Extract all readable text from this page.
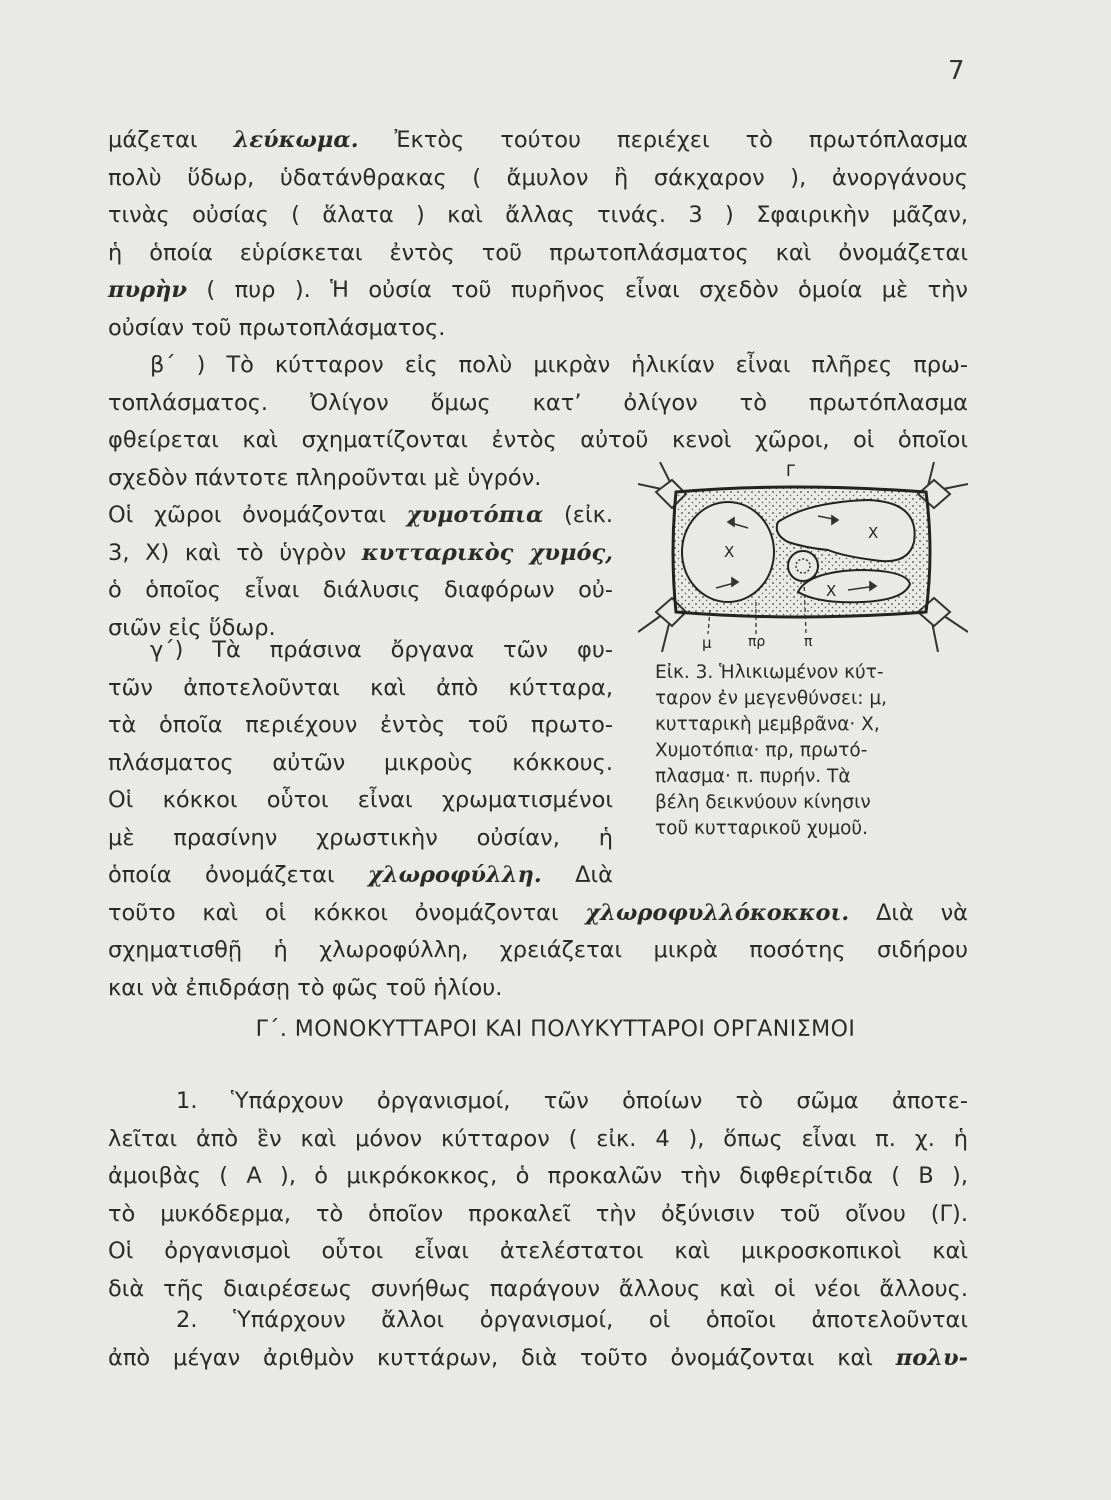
7
μάζεται λεύκωμα. Ἐκτὸς τούτου περιέχει τὸ πρωτόπλασμα
πολὺ ὕδωρ, ὑδατάνθρακας ( ἄμυλον ἢ σάκχαρον ), ἀνοργάνους
τινὰς οὐσίας ( ἅλατα ) καὶ ἄλλας τινάς. 3 ) Σφαιρικὴν μᾶζαν,
ἡ ὁποία εὑρίσκεται ἐντὸς τοῦ πρωτοπλάσματος καὶ ὀνομάζεται
πυρὴν ( πυρ ). Ἡ οὐσία τοῦ πυρῆνος εἶναι σχεδὸν ὁμοία μὲ τὴν
οὐσίαν τοῦ πρωτοπλάσματος.
β΄ ) Τὸ κύτταρον εἰς πολὺ μικρὰν ἡλικίαν εἶναι πλῆρες πρω-
τοπλάσματος. Ὀλίγον ὅμως κατ’ ὀλίγον τὸ πρωτόπλασμα
φθείρεται καὶ σχηματίζονται ἐντὸς αὐτοῦ κενοὶ χῶροι, οἱ ὁποῖοι
σχεδὸν πάντοτε πληροῦνται μὲ ὑγρόν.
Οἱ χῶροι ὀνομάζονται χυμοτόπια (εἰκ.
3, Χ) καὶ τὸ ὑγρὸν κυτταρικὸς χυμός,
ὁ ὁποῖος εἶναι διάλυσις διαφόρων οὐ-
σιῶν εἰς ὕδωρ.
γ΄) Τὰ πράσινα ὄργανα τῶν φυ-
τῶν ἀποτελοῦνται καὶ ἀπὸ κύτταρα,
τὰ ὁποῖα περιέχουν ἐντὸς τοῦ πρωτο-
πλάσματος αὐτῶν μικροὺς κόκκους.
Οἱ κόκκοι οὗτοι εἶναι χρωματισμένοι
μὲ πρασίνην χρωστικὴν οὐσίαν, ἡ
ὁποία ὀνομάζεται χλωροφύλλη. Διὰ
τοῦτο καὶ οἱ κόκκοι ὀνομάζονται χλωροφυλλόκοκκοι. Διὰ νὰ
σχηματισθῇ ἡ χλωροφύλλη, χρειάζεται μικρὰ ποσότης σιδήρου
και νὰ ἐπιδράσῃ τὸ φῶς τοῦ ἡλίου.
Γ
Χ
Χ
Χ
μ	πρ	π
Εἰκ. 3. Ἡλικιωμένον κύτ-
ταρον ἐν μεγενθύνσει: μ,
κυτταρικὴ μεμβρᾶνα· Χ,
Χυμοτόπια· πρ, πρωτό-
πλασμα· π. πυρήν. Τὰ
βέλη δεικνύουν κίνησιν
τοῦ κυτταρικοῦ χυμοῦ.
Γ΄. ΜΟΝΟΚΥΤΤΑΡΟΙ ΚΑΙ ΠΟΛΥΚΥΤΤΑΡΟΙ ΟΡΓΑΝΙΣΜΟΙ
1. Ὑπάρχουν ὀργανισμοί, τῶν ὁποίων τὸ σῶμα ἀποτε-
λεῖται ἀπὸ ἓν καὶ μόνον κύτταρον ( εἰκ. 4 ), ὅπως εἶναι π. χ. ἡ
ἀμοιβὰς ( Α ), ὁ μικρόκοκκος, ὁ προκαλῶν τὴν διφθερίτιδα ( Β ),
τὸ μυκόδερμα, τὸ ὁποῖον προκαλεῖ τὴν ὀξύνισιν τοῦ οἴνου (Γ).
Οἱ ὀργανισμοὶ οὗτοι εἶναι ἀτελέστατοι καὶ μικροσκοπικοὶ καὶ
διὰ τῆς διαιρέσεως συνήθως παράγουν ἄλλους καὶ οἱ νέοι ἄλλους.
2. Ὑπάρχουν ἄλλοι ὀργανισμοί, οἱ ὁποῖοι ἀποτελοῦνται
ἀπὸ μέγαν ἀριθμὸν κυττάρων, διὰ τοῦτο ὀνομάζονται καὶ πολυ-
